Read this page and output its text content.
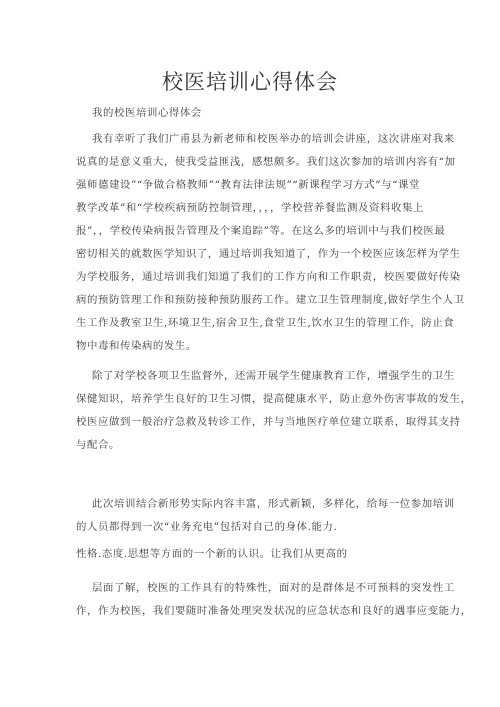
校医培训心得体会
我的校医培训心得体会
我有幸听了我们广甫县为新老师和校医举办的培训会讲座，这次讲座对我来
说真的是意义重大，使我受益匪浅，感想颇多。我们这次参加的培训内容有“加
强师德建设”“争做合格教师”“教育法律法规”“新课程学习方式”与“课堂
教学改革”和“学校疾病预防控制管理，，，，学校营养餐监测及资料收集上
报”，，学校传染病报告管理及个案追踪”等。在这么多的培训中与我们校医最
密切相关的就数医学知识了，通过培训我知道了，作为一个校医应该怎样为学生
为学校服务，通过培训我们知道了我们的工作方向和工作职责，校医要做好传染
病的预防管理工作和预防接种预防服药工作。建立卫生管理制度,做好学生个人卫
生工作及教室卫生,环境卫生,宿舍卫生,食堂卫生,饮水卫生的管理工作，防止食
物中毒和传染病的发生。
除了对学校各项卫生监督外，还需开展学生健康教育工作，增强学生的卫生
保健知识，培养学生良好的卫生习惯，提高健康水平，防止意外伤害事故的发生，
校医应做到一般治疗急救及转诊工作，并与当地医疗单位建立联系，取得其支持
与配合。
此次培训结合新形势实际内容丰富，形式新颖，多样化，给每一位参加培训
的人员都得到一次“业务充电”包括对自己的身体.能力.
性格.态度.思想等方面的一个新的认识。让我们从更高的
层面了解，校医的工作具有的特殊性，面对的是群体是不可预料的突发性工
作，作为校医，我们要随时准备处理突发状况的应急状态和良好的遇事应变能力，
